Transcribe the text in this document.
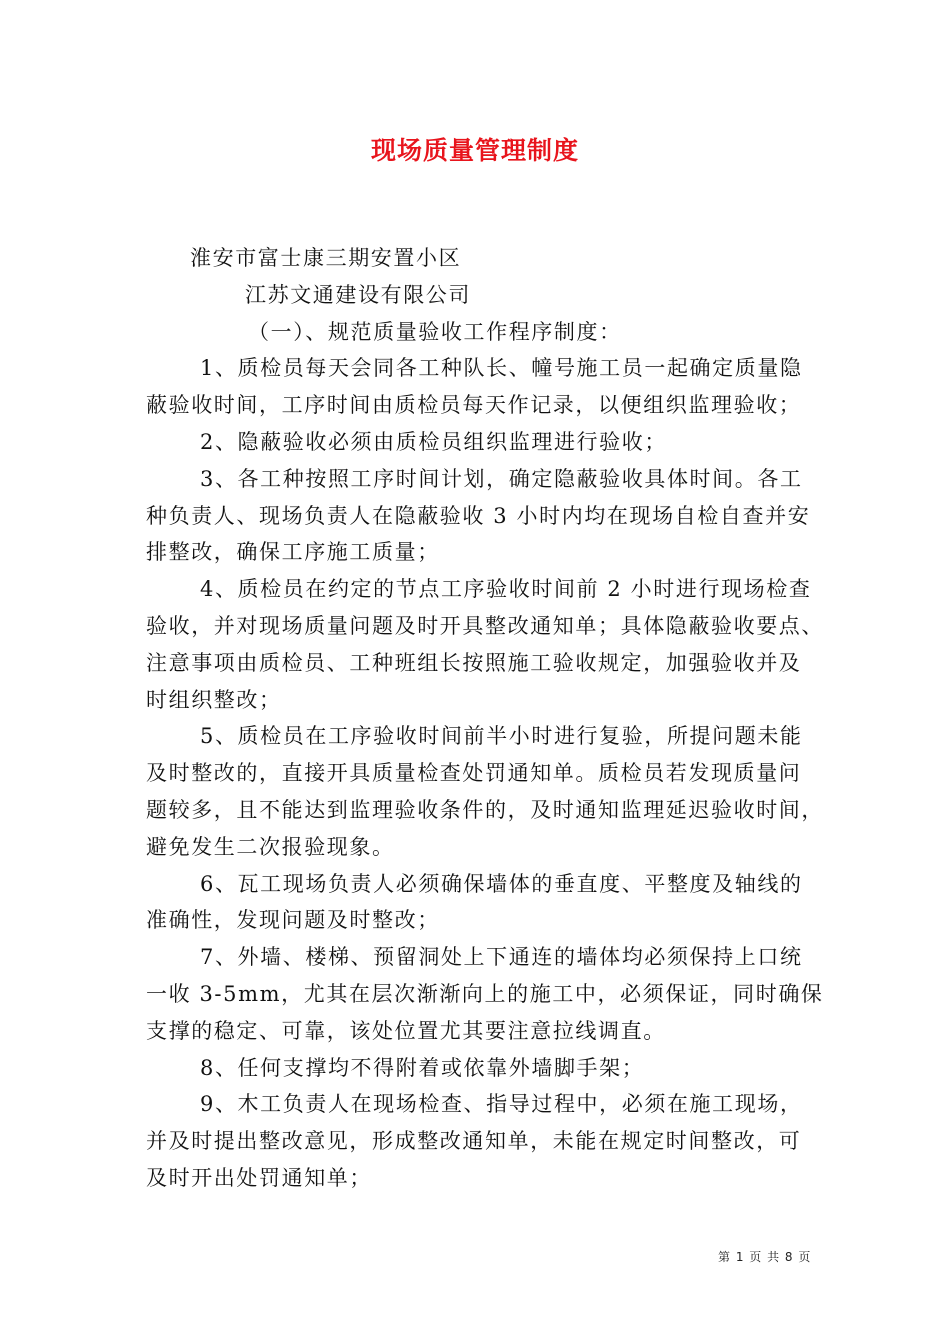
现场质量管理制度
淮安市富士康三期安置小区
江苏文通建设有限公司
（一）、规范质量验收工作程序制度：
1、质检员每天会同各工种队长、幢号施工员一起确定质量隐
蔽验收时间，工序时间由质检员每天作记录，以便组织监理验收；
2、隐蔽验收必须由质检员组织监理进行验收；
3、各工种按照工序时间计划，确定隐蔽验收具体时间。各工
种负责人、现场负责人在隐蔽验收 3 小时内均在现场自检自查并安
排整改，确保工序施工质量；
4、质检员在约定的节点工序验收时间前 2 小时进行现场检查
验收，并对现场质量问题及时开具整改通知单；具体隐蔽验收要点、
注意事项由质检员、工种班组长按照施工验收规定，加强验收并及
时组织整改；
5、质检员在工序验收时间前半小时进行复验，所提问题未能
及时整改的，直接开具质量检查处罚通知单。质检员若发现质量问
题较多，且不能达到监理验收条件的，及时通知监理延迟验收时间，
避免发生二次报验现象。
6、瓦工现场负责人必须确保墙体的垂直度、平整度及轴线的
准确性，发现问题及时整改；
7、外墙、楼梯、预留洞处上下通连的墙体均必须保持上口统
一收 3-5mm，尤其在层次渐渐向上的施工中，必须保证，同时确保
支撑的稳定、可靠，该处位置尤其要注意拉线调直。
8、任何支撑均不得附着或依靠外墙脚手架；
9、木工负责人在现场检查、指导过程中，必须在施工现场，
并及时提出整改意见，形成整改通知单，未能在规定时间整改，可
及时开出处罚通知单；
第 1 页 共 8 页
